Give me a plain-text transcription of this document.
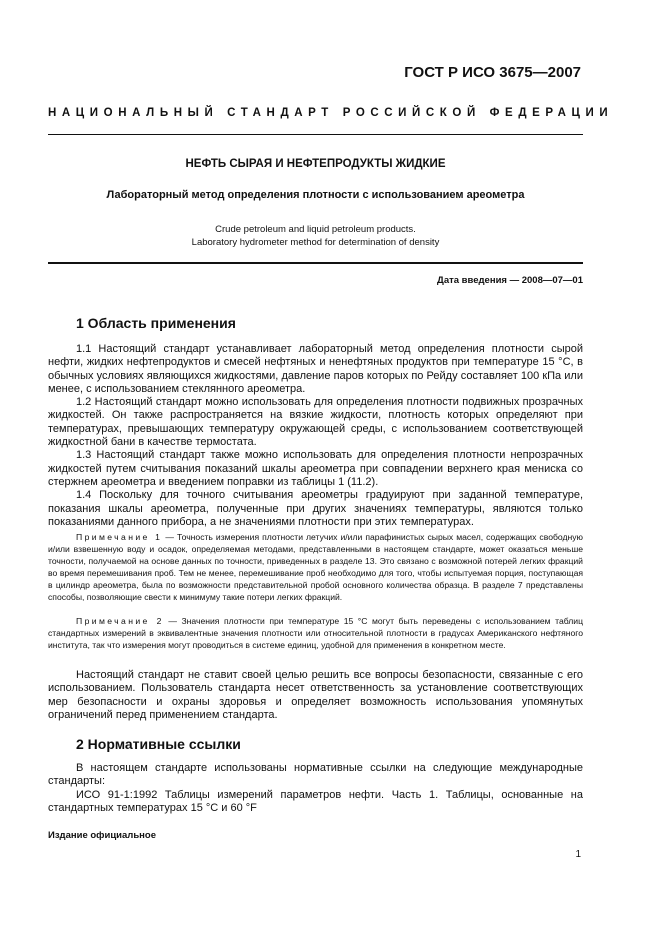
ГОСТ Р ИСО 3675—2007
НАЦИОНАЛЬНЫЙ СТАНДАРТ РОССИЙСКОЙ ФЕДЕРАЦИИ
НЕФТЬ СЫРАЯ И НЕФТЕПРОДУКТЫ ЖИДКИЕ
Лабораторный метод определения плотности с использованием ареометра
Crude petroleum and liquid petroleum products.
Laboratory hydrometer method for determination of density
Дата введения — 2008—07—01
1 Область применения

1.1 Настоящий стандарт устанавливает лабораторный метод определения плотности сырой нефти, жидких нефтепродуктов и смесей нефтяных и ненефтяных продуктов при температуре 15 °С, в обычных условиях являющихся жидкостями, давление паров которых по Рейду составляет 100 кПа или менее, с использованием стеклянного ареометра.

1.2 Настоящий стандарт можно использовать для определения плотности подвижных прозрачных жидкостей. Он также распространяется на вязкие жидкости, плотность которых определяют при температурах, превышающих температуру окружающей среды, с использованием соответствующей жидкостной бани в качестве термостата.

1.3 Настоящий стандарт также можно использовать для определения плотности непрозрачных жидкостей путем считывания показаний шкалы ареометра при совпадении верхнего края мениска со стержнем ареометра и введением поправки из таблицы 1 (11.2).

1.4 Поскольку для точного считывания ареометры градуируют при заданной температуре, показания шкалы ареометра, полученные при других значениях температуры, являются только показаниями данного прибора, а не значениями плотности при этих температурах.

Примечание 1 — Точность измерения плотности летучих и/или парафинистых сырых масел, содержащих свободную и/или взвешенную воду и осадок, определяемая методами, представленными в настоящем стандарте, может оказаться меньше точности, получаемой на основе данных по точности, приведенных в разделе 13. Это связано с возможной потерей легких фракций во время перемешивания проб. Тем не менее, перемешивание проб необходимо для того, чтобы испытуемая порция, поступающая в цилиндр ареометра, была по возможности представительной пробой основного количества образца. В разделе 7 представлены способы, позволяющие свести к минимуму такие потери легких фракций.

Примечание 2 — Значения плотности при температуре 15 °С могут быть переведены с использованием таблиц стандартных измерений в эквивалентные значения плотности или относительной плотности в градусах Американского нефтяного института, так что измерения могут проводиться в системе единиц, удобной для применения в конкретном месте.

Настоящий стандарт не ставит своей целью решить все вопросы безопасности, связанные с его использованием. Пользователь стандарта несет ответственность за установление соответствующих мер безопасности и охраны здоровья и определяет возможность использования упомянутых ограничений перед применением стандарта.

2 Нормативные ссылки

В настоящем стандарте использованы нормативные ссылки на следующие международные стандарты:

ИСО 91-1:1992 Таблицы измерений параметров нефти. Часть 1. Таблицы, основанные на стандартных температурах 15 °С и 60 °F

Издание официальное
1
